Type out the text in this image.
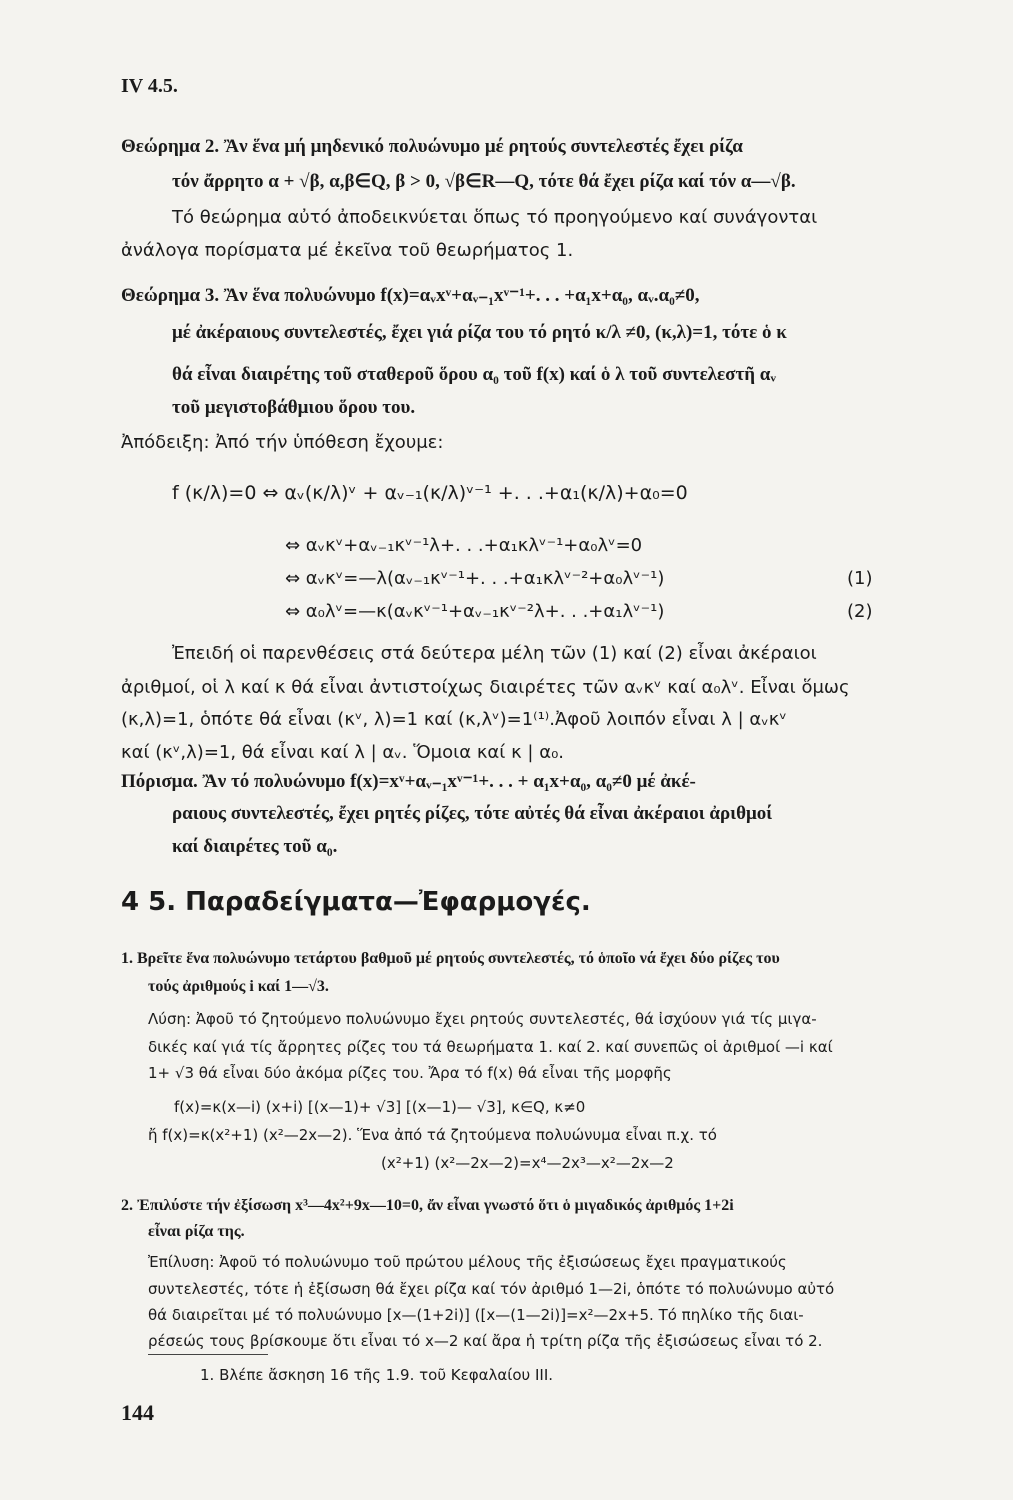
IV 4.5.

Θεώρημα 2. Ἂν ἕνα μή μηδενικό πολυώνυμο μέ ρητούς συντελεστές ἔχει ρίζα

τόν ἄρρητο α + √β, α,β∈Q, β > 0, √β∈R—Q, τότε θά ἔχει ρίζα καί τόν α—√β.

Τό θεώρημα αὐτό ἀποδεικνύεται ὅπως τό προηγούμενο καί συνάγονται

ἀνάλογα πορίσματα μέ ἐκεῖνα τοῦ θεωρήματος 1.

Θεώρημα 3. Ἂν ἕνα πολυώνυμο f(x)=αᵥxᵛ+αᵥ₋₁xᵛ⁻¹+. . . +α₁x+α₀, αᵥ.α₀≠0,

μέ ἀκέραιους συντελεστές, ἔχει γιά ρίζα του τό ρητό κ/λ ≠0, (κ,λ)=1, τότε ὁ κ

θά εἶναι διαιρέτης τοῦ σταθεροῦ ὅρου α₀ τοῦ f(x) καί ὁ λ τοῦ συντελεστῆ αᵥ

τοῦ μεγιστοβάθμιου ὅρου του.

Ἀπόδειξη: Ἀπό τήν ὑπόθεση ἔχουμε:

f (κ/λ)=0 ⇔ αᵥ(κ/λ)ᵛ + αᵥ₋₁(κ/λ)ᵛ⁻¹ +. . .+α₁(κ/λ)+α₀=0

⇔ αᵥκᵛ+αᵥ₋₁κᵛ⁻¹λ+. . .+α₁κλᵛ⁻¹+α₀λᵛ=0

⇔ αᵥκᵛ=—λ(αᵥ₋₁κᵛ⁻¹+. . .+α₁κλᵛ⁻²+α₀λᵛ⁻¹)	(1)

⇔ α₀λᵛ=—κ(αᵥκᵛ⁻¹+αᵥ₋₁κᵛ⁻²λ+. . .+α₁λᵛ⁻¹)	(2)

Ἐπειδή οἱ παρενθέσεις στά δεύτερα μέλη τῶν (1) καί (2) εἶναι ἀκέραιοι

ἀριθμοί, οἱ λ καί κ θά εἶναι ἀντιστοίχως διαιρέτες τῶν αᵥκᵛ καί α₀λᵛ. Εἶναι ὅμως

(κ,λ)=1, ὁπότε θά εἶναι (κᵛ, λ)=1 καί (κ,λᵛ)=1⁽¹⁾.Ἀφοῦ λοιπόν εἶναι λ | αᵥκᵛ

καί (κᵛ,λ)=1, θά εἶναι καί λ | αᵥ. Ὅμοια καί κ | α₀.

Πόρισμα. Ἂν τό πολυώνυμο f(x)=xᵛ+αᵥ₋₁xᵛ⁻¹+. . . + α₁x+α₀, α₀≠0 μέ ἀκέ-

ραιους συντελεστές, ἔχει ρητές ρίζες, τότε αὐτές θά εἶναι ἀκέραιοι ἀριθμοί

καί διαιρέτες τοῦ α₀.

4 5. Παραδείγματα—Ἐφαρμογές.

1. Βρεῖτε ἕνα πολυώνυμο τετάρτου βαθμοῦ μέ ρητούς συντελεστές, τό ὁποῖο νά ἔχει δύο ρίζες του

τούς ἀριθμούς i καί 1—√3.

Λύση: Ἀφοῦ τό ζητούμενο πολυώνυμο ἔχει ρητούς συντελεστές, θά ἰσχύουν γιά τίς μιγα-

δικές καί γιά τίς ἄρρητες ρίζες του τά θεωρήματα 1. καί 2. καί συνεπῶς οἱ ἀριθμοί —i καί

1+ √3 θά εἶναι δύο ἀκόμα ρίζες του. Ἄρα τό f(x) θά εἶναι τῆς μορφῆς

f(x)=κ(x—i) (x+i) [(x—1)+ √3] [(x—1)— √3], κ∈Q, κ≠0

ἤ f(x)=κ(x²+1) (x²—2x—2). Ἕνα ἀπό τά ζητούμενα πολυώνυμα εἶναι π.χ. τό

(x²+1) (x²—2x—2)=x⁴—2x³—x²—2x—2

2. Ἐπιλύστε τήν ἐξίσωση x³—4x²+9x—10=0, ἄν εἶναι γνωστό ὅτι ὁ μιγαδικός ἀριθμός 1+2i

εἶναι ρίζα της.

Ἐπίλυση: Ἀφοῦ τό πολυώνυμο τοῦ πρώτου μέλους τῆς ἐξισώσεως ἔχει πραγματικούς

συντελεστές, τότε ἡ ἐξίσωση θά ἔχει ρίζα καί τόν ἀριθμό 1—2i, ὁπότε τό πολυώνυμο αὐτό

θά διαιρεῖται μέ τό πολυώνυμο [x—(1+2i)] ([x—(1—2i)]=x²—2x+5. Τό πηλίκο τῆς διαι-

ρέσεώς τους βρίσκουμε ὅτι εἶναι τό x—2 καί ἄρα ἡ τρίτη ρίζα τῆς ἐξισώσεως εἶναι τό 2.

1. Βλέπε ἄσκηση 16 τῆς 1.9. τοῦ Κεφαλαίου III.

144
